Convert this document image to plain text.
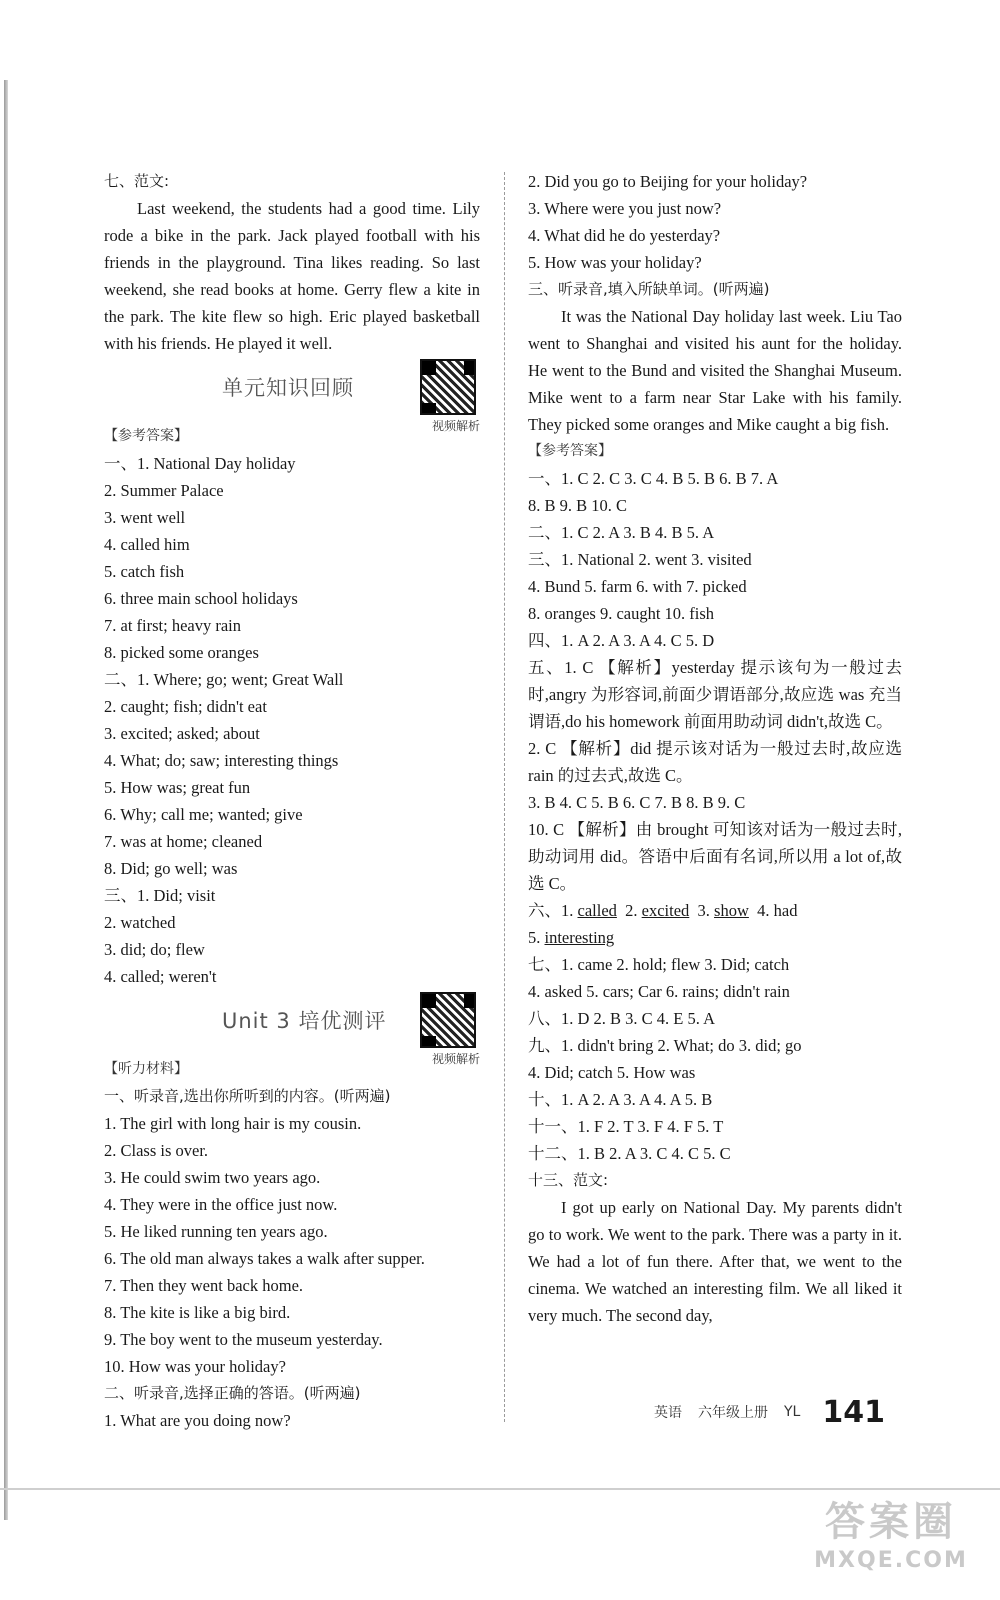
七、范文:
Last weekend, the students had a good time. Lily rode a bike in the park. Jack played football with his friends in the playground. Tina likes reading. So last weekend, she read books at home. Gerry flew a kite in the park. The kite flew so high. Eric played basketball with his friends. He played it well.
单元知识回顾
视频解析
【参考答案】
一、1. National Day holiday
2. Summer Palace
3. went well
4. called him
5. catch fish
6. three main school holidays
7. at first; heavy rain
8. picked some oranges
二、1. Where; go; went; Great Wall
2. caught; fish; didn't eat
3. excited; asked; about
4. What; do; saw; interesting things
5. How was; great fun
6. Why; call me; wanted; give
7. was at home; cleaned
8. Did; go well; was
三、1. Did; visit
2. watched
3. did; do; flew
4. called; weren't
Unit 3 培优测评
视频解析
【听力材料】
一、听录音,选出你所听到的内容。(听两遍)
1. The girl with long hair is my cousin.
2. Class is over.
3. He could swim two years ago.
4. They were in the office just now.
5. He liked running ten years ago.
6. The old man always takes a walk after supper.
7. Then they went back home.
8. The kite is like a big bird.
9. The boy went to the museum yesterday.
10. How was your holiday?
二、听录音,选择正确的答语。(听两遍)
1. What are you doing now?
2. Did you go to Beijing for your holiday?
3. Where were you just now?
4. What did he do yesterday?
5. How was your holiday?
三、听录音,填入所缺单词。(听两遍)
It was the National Day holiday last week. Liu Tao went to Shanghai and visited his aunt for the holiday. He went to the Bund and visited the Shanghai Museum. Mike went to a farm near Star Lake with his family. They picked some oranges and Mike caught a big fish.
【参考答案】
一、1. C 2. C 3. C 4. B 5. B 6. B 7. A
8. B 9. B 10. C
二、1. C 2. A 3. B 4. B 5. A
三、1. National 2. went 3. visited
4. Bund 5. farm 6. with 7. picked
8. oranges 9. caught 10. fish
四、1. A 2. A 3. A 4. C 5. D
五、1. C 【解析】yesterday 提示该句为一般过去时,angry 为形容词,前面少谓语部分,故应选 was 充当谓语,do his homework 前面用助动词 didn't,故选 C。
2. C 【解析】did 提示该对话为一般过去时,故应选 rain 的过去式,故选 C。
3. B 4. C 5. B 6. C 7. B 8. B 9. C
10. C 【解析】由 brought 可知该对话为一般过去时,助动词用 did。答语中后面有名词,所以用 a lot of,故选 C。
六、1. called 2. excited 3. show 4. had
5. interesting
七、1. came 2. hold; flew 3. Did; catch
4. asked 5. cars; Car 6. rains; didn't rain
八、1. D 2. B 3. C 4. E 5. A
九、1. didn't bring 2. What; do 3. did; go
4. Did; catch 5. How was
十、1. A 2. A 3. A 4. A 5. B
十一、1. F 2. T 3. F 4. F 5. T
十二、1. B 2. A 3. C 4. C 5. C
十三、范文:
I got up early on National Day. My parents didn't go to work. We went to the park. There was a party in it. We had a lot of fun there. After that, we went to the cinema. We watched an interesting film. We all liked it very much. The second day,
英语 六年级上册 YL 141
答案圈
MXQE.COM
